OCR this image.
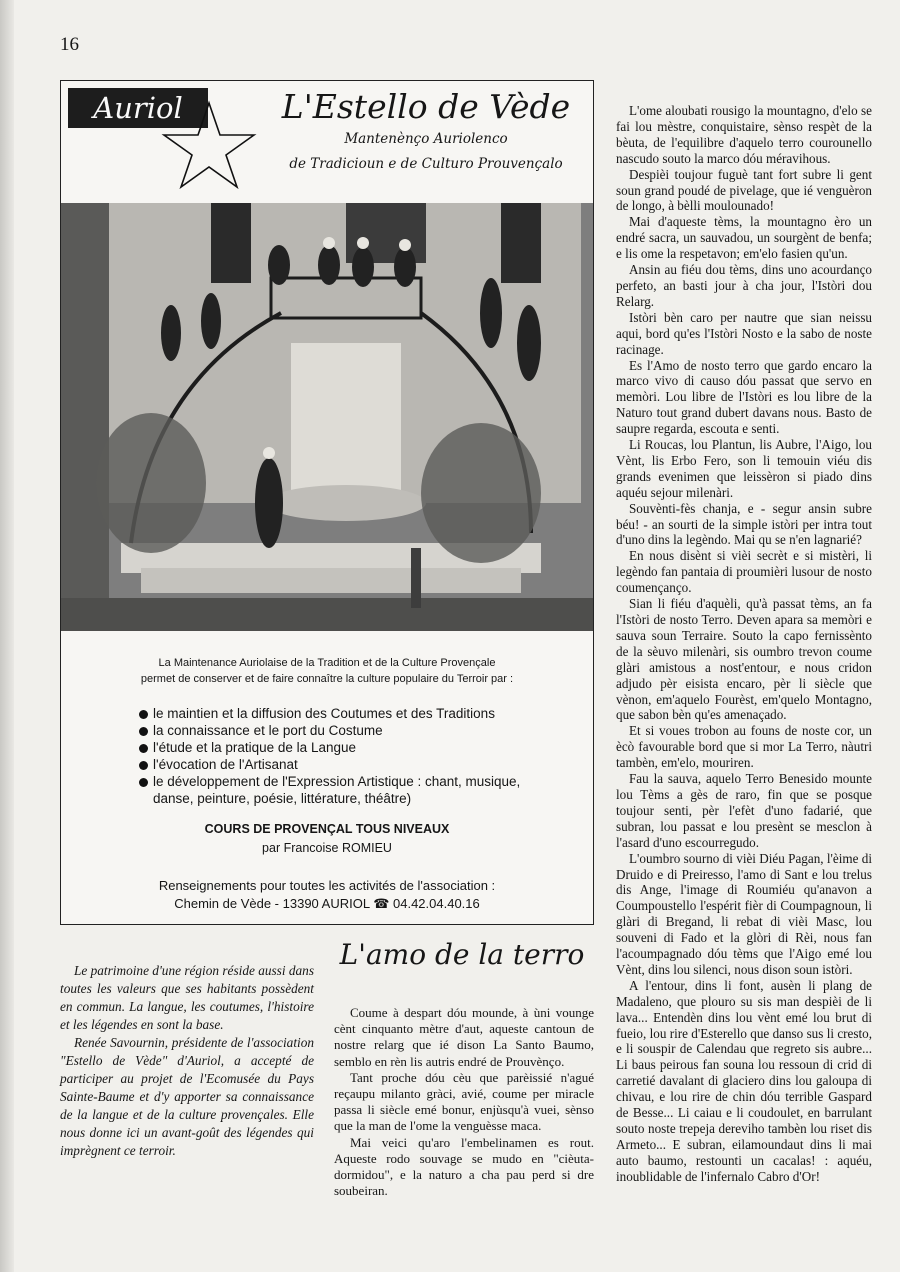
16
Auriol	L'Estello de Vède
Mantenènço Auriolenco
de Tradicioun e de Culturo Prouvençalo
La Maintenance Auriolaise de la Tradition et de la Culture Provençale
permet de conserver et de faire connaître la culture populaire du Terroir par :
le maintien et la diffusion des Coutumes et des Traditions
la connaissance et le port du Costume
l'étude et la pratique de la Langue
l'évocation de l'Artisanat
le développement de l'Expression Artistique : chant, musique, danse, peinture, poésie, littérature, théâtre)
COURS DE PROVENÇAL TOUS NIVEAUX
par Francoise ROMIEU
Renseignements pour toutes les activités de l'association :
Chemin de Vède - 13390 AURIOL ☎ 04.42.04.40.16

Le patrimoine d'une région réside aussi dans toutes les valeurs que ses habitants possèdent en commun. La langue, les coutumes, l'histoire et les légendes en sont la base.

Renée Savournin, présidente de l'association "Estello de Vède" d'Auriol, a accepté de participer au projet de l'Ecomusée du Pays Sainte-Baume et d'y apporter sa connaissance de la langue et de la culture provençales. Elle nous donne ici un avant-goût des légendes qui imprègnent ce terroir.

L'amo de la terro

Coume à despart dóu mounde, à ùni vounge cènt cinquanto mètre d'aut, aqueste cantoun de nostre relarg que ié dison La Santo Baumo, semblo en rèn lis autris endré de Prouvènço.

Tant proche dóu cèu que parèissié n'agué reçaupu milanto gràci, avié, coume per miracle passa li siècle emé bonur, enjùsqu'à vuei, sènso que la man de l'ome la venguèsse maca.

Mai veici qu'aro l'embelinamen es rout. Aqueste rodo souvage se mudo en "cièuta-dormidou", e la naturo a cha pau perd si dre soubeiran.

L'ome aloubati rousigo la mountagno, d'elo se fai lou mèstre, conquistaire, sènso respèt de la bèuta, de l'equilibre d'aquelo terro courounello nascudo souto la marco dóu méravihous.

Despièi toujour fuguè tant fort subre li gent soun grand poudé de pivelage, que ié venguèron de longo, à bèlli moulounado!

Mai d'aqueste tèms, la mountagno èro un endré sacra, un sauvadou, un sourgènt de benfa; e lis ome la respetavon; em'elo fasien qu'un.

Ansin au fiéu dou tèms, dins uno acourdanço perfeto, an basti jour à cha jour, l'Istòri dou Relarg.

Istòri bèn caro per nautre que sian neissu aqui, bord qu'es l'Istòri Nosto e la sabo de noste racinage.

Es l'Amo de nosto terro que gardo encaro la marco vivo di causo dóu passat que servo en memòri. Lou libre de l'Istòri es lou libre de la Naturo tout grand dubert davans nous. Basto de saupre regarda, escouta e senti.

Li Roucas, lou Plantun, lis Aubre, l'Aigo, lou Vènt, lis Erbo Fero, son li temouin viéu dis grands evenimen que leissèron si piado dins aquéu sejour milenàri.

Souvènti-fès chanja, e - segur ansin subre béu! - an sourti de la simple istòri per intra tout d'uno dins la legèndo. Mai qu se n'en lagnarié?

En nous disènt si vièi secrèt e si mistèri, li legèndo fan pantaia di proumièri lusour de nosto coumençanço.

Sian li fiéu d'aquèli, qu'à passat tèms, an fa l'Istòri de nosto Terro. Deven apara sa memòri e sauva soun Terraire. Souto la capo fernissènto de la sèuvo milenàri, sis oumbro trevon coume glàri amistous a nost'entour, e nous cridon adjudo pèr eisista encaro, pèr li siècle que vènon, em'aquelo Fourèst, em'quelo Montagno, que sabon bèn qu'es amenaçado.

Et si voues trobon au founs de noste cor, un ècò favourable bord que si mor La Terro, nàutri tambèn, em'elo, mouriren.

Fau la sauva, aquelo Terro Benesido mounte lou Tèms a gès de raro, fin que se posque toujour senti, pèr l'efèt d'uno fadarié, que subran, lou passat e lou presènt se mesclon à l'asard d'uno escourregudo.

L'oumbro sourno di vièi Diéu Pagan, l'èime di Druido e di Preiresso, l'amo di Sant e lou trelus dis Ange, l'image di Roumiéu qu'anavon a Coumpoustello l'espérit fièr di Coumpagnoun, li glàri di Bregand, li rebat di vièi Masc, lou souveni di Fado et la glòri di Rèi, nous fan l'acoumpagnado dóu tèms que l'Aigo emé lou Vènt, dins lou silenci, nous dison soun istòri.

A l'entour, dins li font, ausèn li plang de Madaleno, que plouro su sis man despièi de li lava... Entendèn dins lou vènt emé lou brut di fueio, lou rire d'Esterello que danso sus li cresto, e li souspir de Calendau que regreto sis aubre... Li baus peirous fan souna lou ressoun di crid di carretié davalant di glaciero dins lou galoupa di chivau, e lou rire de chin dóu terrible Gaspard de Besse... Li caiau e li coudoulet, en barrulant souto noste trepeja dereviho tambèn lou riset dis Armeto... E subran, eilamoundaut dins li mai auto baumo, restounti un cacalas! : aquéu, inoublidable de l'infernalo Cabro d'Or!
